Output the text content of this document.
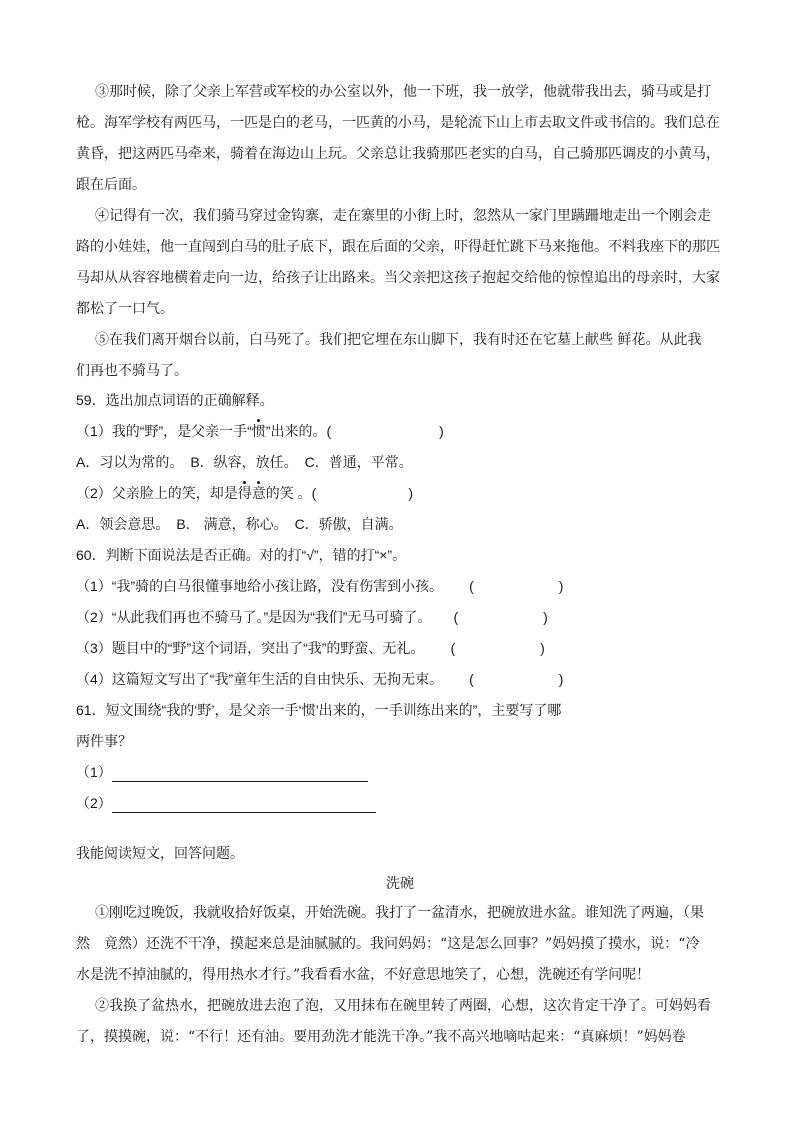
③那时候，除了父亲上军营或军校的办公室以外，他一下班，我一放学，他就带我出去，骑马或是打
枪。海军学校有两匹马，一匹是白的老马，一匹黄的小马，是轮流下山上市去取文件或书信的。我们总在
黄昏，把这两匹马牵来，骑着在海边山上玩。父亲总让我骑那匹老实的白马，自己骑那匹调皮的小黄马，
跟在后面。
④记得有一次，我们骑马穿过金钩寨，走在寨里的小街上时，忽然从一家门里蹒跚地走出一个刚会走
路的小娃娃，他一直闯到白马的肚子底下，跟在后面的父亲，吓得赶忙跳下马来拖他。不料我座下的那匹
马却从从容容地横着走向一边，给孩子让出路来。当父亲把这孩子抱起交给他的惊惶追出的母亲时，大家
都松了一口气。
⑤在我们离开烟台以前，白马死了。我们把它埋在东山脚下，我有时还在它墓上献些 鲜花。从此我
们再也不骑马了。
59．选出加点词语的正确解释。
（1）我的“野”，是父亲一手“惯”出来的。(	)
A．习以为常的。　B．纵容，放任。　C．普通，平常。
（2）父亲脸上的笑，却是得意的笑 。(	)
A．领会意思。　B． 满意，称心。　C．骄傲，自满。
60．判断下面说法是否正确。对的打“√”，错的打“×”。
（1）“我”骑的白马很懂事地给小孩让路，没有伤害到小孩。 (	)
（2）“从此我们再也不骑马了。”是因为“我们”无马可骑了。 (	)
（3）题目中的“野”这个词语，突出了“我”的野蛮、无礼。 (	)
（4）这篇短文写出了“我”童年生活的自由快乐、无拘无束。 (	)
61．短文围绕“我的‘野’，是父亲一手‘惯’出来的，一手训练出来的”，主要写了哪
两件事？
（1）
（2）
我能阅读短文，回答问题。
洗碗
①刚吃过晚饭，我就收拾好饭桌，开始洗碗。我打了一盆清水，把碗放进水盆。谁知洗了两遍，（果
然　竟然）还洗不干净，摸起来总是油腻腻的。我问妈妈：“这是怎么回事？”妈妈摸了摸水，说：“冷
水是洗不掉油腻的，得用热水才行。”我看看水盆，不好意思地笑了，心想，洗碗还有学问呢！
②我换了盆热水，把碗放进去泡了泡，又用抹布在碗里转了两圈，心想，这次肯定干净了。可妈妈看
了，摸摸碗，说：“不行！还有油。要用劲洗才能洗干净。”我不高兴地嘀咕起来：“真麻烦！”妈妈卷
